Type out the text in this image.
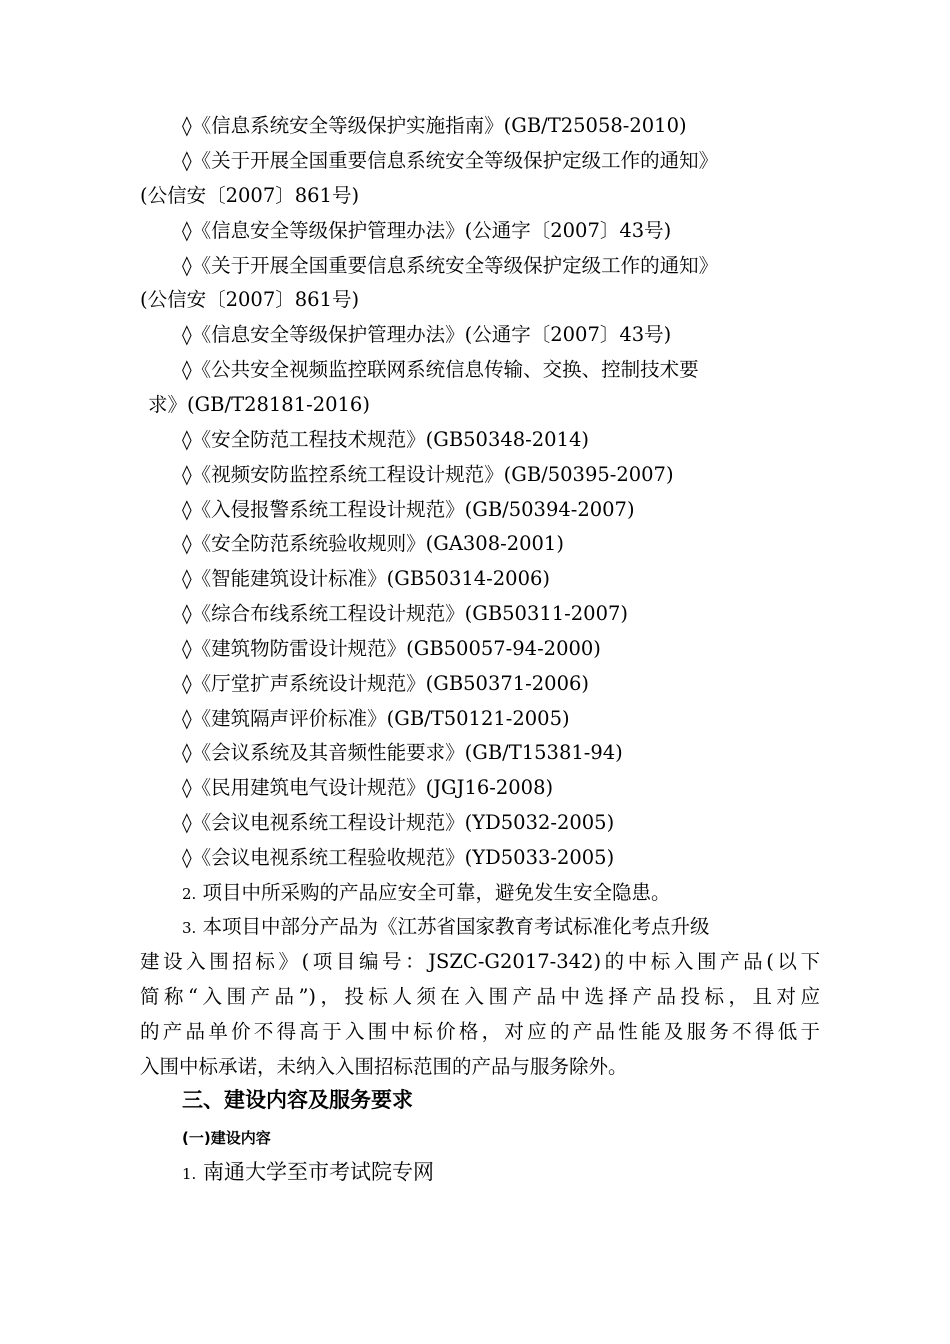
◊《信息系统安全等级保护实施指南》(GB/T25058-2010)
◊《关于开展全国重要信息系统安全等级保护定级工作的通知》
(公信安〔2007〕861号)
◊《信息安全等级保护管理办法》(公通字〔2007〕43号)
◊《关于开展全国重要信息系统安全等级保护定级工作的通知》
(公信安〔2007〕861号)
◊《信息安全等级保护管理办法》(公通字〔2007〕43号)
◊《公共安全视频监控联网系统信息传输、交换、控制技术要
求》(GB/T28181-2016)
◊《安全防范工程技术规范》(GB50348-2014)
◊《视频安防监控系统工程设计规范》(GB/50395-2007)
◊《入侵报警系统工程设计规范》(GB/50394-2007)
◊《安全防范系统验收规则》(GA308-2001)
◊《智能建筑设计标准》(GB50314-2006)
◊《综合布线系统工程设计规范》(GB50311-2007)
◊《建筑物防雷设计规范》(GB50057-94-2000)
◊《厅堂扩声系统设计规范》(GB50371-2006)
◊《建筑隔声评价标准》(GB/T50121-2005)
◊《会议系统及其音频性能要求》(GB/T15381-94)
◊《民用建筑电气设计规范》(JGJ16-2008)
◊《会议电视系统工程设计规范》(YD5032-2005)
◊《会议电视系统工程验收规范》(YD5033-2005)
2. 项目中所采购的产品应安全可靠，避免发生安全隐患。
3. 本项目中部分产品为《江苏省国家教育考试标准化考点升级
建设入围招标》(项目编号：JSZC-G2017-342)的中标入围产品(以下
简称“入围产品”)，投标人须在入围产品中选择产品投标，且对应
的产品单价不得高于入围中标价格，对应的产品性能及服务不得低于
入围中标承诺，未纳入入围招标范围的产品与服务除外。
三、建设内容及服务要求
(一)建设内容
1. 南通大学至市考试院专网
